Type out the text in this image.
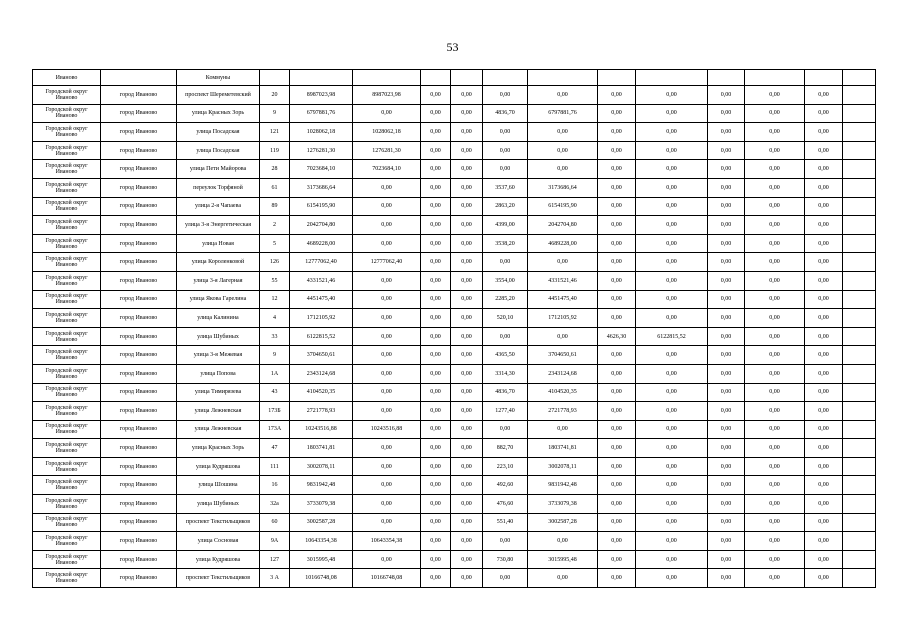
53
Иваново		Коммуны													
Городской округ Иваново	город Иваново	проспект Шереметевский	20	8987023,98	8987023,98	0,00	0,00	0,00	0,00	0,00	0,00	0,00	0,00	0,00	
Городской округ Иваново	город Иваново	улица Красных Зорь	9	6797881,76	0,00	0,00	0,00	4836,70	6797881,76	0,00	0,00	0,00	0,00	0,00	
Городской округ Иваново	город Иваново	улица Посадская	121	1028062,18	1028062,18	0,00	0,00	0,00	0,00	0,00	0,00	0,00	0,00	0,00	
Городской округ Иваново	город Иваново	улица Посадская	119	1276281,30	1276281,30	0,00	0,00	0,00	0,00	0,00	0,00	0,00	0,00	0,00	
Городской округ Иваново	город Иваново	улица Пети Майорова	28	7023684,10	7023684,10	0,00	0,00	0,00	0,00	0,00	0,00	0,00	0,00	0,00	
Городской округ Иваново	город Иваново	переулок Торфяной	61	3173686,64	0,00	0,00	0,00	3537,60	3173686,64	0,00	0,00	0,00	0,00	0,00	
Городской округ Иваново	город Иваново	улица 2-я Чапаева	89	6154195,90	0,00	0,00	0,00	2863,20	6154195,90	0,00	0,00	0,00	0,00	0,00	
Городской округ Иваново	город Иваново	улица 3-я Энергетическая	2	2042704,80	0,00	0,00	0,00	4399,00	2042704,80	0,00	0,00	0,00	0,00	0,00	
Городской округ Иваново	город Иваново	улица Новая	5	4689228,00	0,00	0,00	0,00	3538,20	4689228,00	0,00	0,00	0,00	0,00	0,00	
Городской округ Иваново	город Иваново	улица Короленковой	126	12777062,40	12777062,40	0,00	0,00	0,00	0,00	0,00	0,00	0,00	0,00	0,00	
Городской округ Иваново	город Иваново	улица 3-я Лагерная	55	4331521,46	0,00	0,00	0,00	3554,00	4331521,46	0,00	0,00	0,00	0,00	0,00	
Городской округ Иваново	город Иваново	улица Якова Гарелина	12	4451475,40	0,00	0,00	0,00	2285,20	4451475,40	0,00	0,00	0,00	0,00	0,00	
Городской округ Иваново	город Иваново	улица Калинина	4	1712105,92	0,00	0,00	0,00	520,10	1712105,92	0,00	0,00	0,00	0,00	0,00	
Городской округ Иваново	город Иваново	улица Шубиных	33	6122815,52	0,00	0,00	0,00	0,00	0,00	4626,30	6122815,52	0,00	0,00	0,00	
Городской округ Иваново	город Иваново	улица 3-я Межевая	9	3704650,61	0,00	0,00	0,00	4365,50	3704650,61	0,00	0,00	0,00	0,00	0,00	
Городской округ Иваново	город Иваново	улица Попова	1А	2343124,68	0,00	0,00	0,00	3314,30	2343124,68	0,00	0,00	0,00	0,00	0,00	
Городской округ Иваново	город Иваново	улица Тимирязева	43	4104520,35	0,00	0,00	0,00	4836,70	4104520,35	0,00	0,00	0,00	0,00	0,00	
Городской округ Иваново	город Иваново	улица Лежневская	173Б	2721778,93	0,00	0,00	0,00	1277,40	2721778,93	0,00	0,00	0,00	0,00	0,00	
Городской округ Иваново	город Иваново	улица Лежневская	173А	10243516,88	10243516,88	0,00	0,00	0,00	0,00	0,00	0,00	0,00	0,00	0,00	
Городской округ Иваново	город Иваново	улица Красных Зорь	47	1803741,81	0,00	0,00	0,00	882,70	1803741,81	0,00	0,00	0,00	0,00	0,00	
Городской округ Иваново	город Иваново	улица Кудряшова	111	3002078,11	0,00	0,00	0,00	223,10	3002078,11	0,00	0,00	0,00	0,00	0,00	
Городской округ Иваново	город Иваново	улица Шошина	16	9831942,48	0,00	0,00	0,00	492,60	9831942,48	0,00	0,00	0,00	0,00	0,00	
Городской округ Иваново	город Иваново	улица Шубиных	32а	3733079,38	0,00	0,00	0,00	476,60	3733079,38	0,00	0,00	0,00	0,00	0,00	
Городской округ Иваново	город Иваново	проспект Текстильщиков	60	3002587,28	0,00	0,00	0,00	551,40	3002587,28	0,00	0,00	0,00	0,00	0,00	
Городской округ Иваново	город Иваново	улица Сосновая	9А	10643354,38	10643354,38	0,00	0,00	0,00	0,00	0,00	0,00	0,00	0,00	0,00	
Городской округ Иваново	город Иваново	улица Кудряшова	127	3015995,48	0,00	0,00	0,00	730,80	3015995,48	0,00	0,00	0,00	0,00	0,00	
Городской округ Иваново	город Иваново	проспект Текстильщиков	3 А	10166748,08	10166748,08	0,00	0,00	0,00	0,00	0,00	0,00	0,00	0,00	0,00	
